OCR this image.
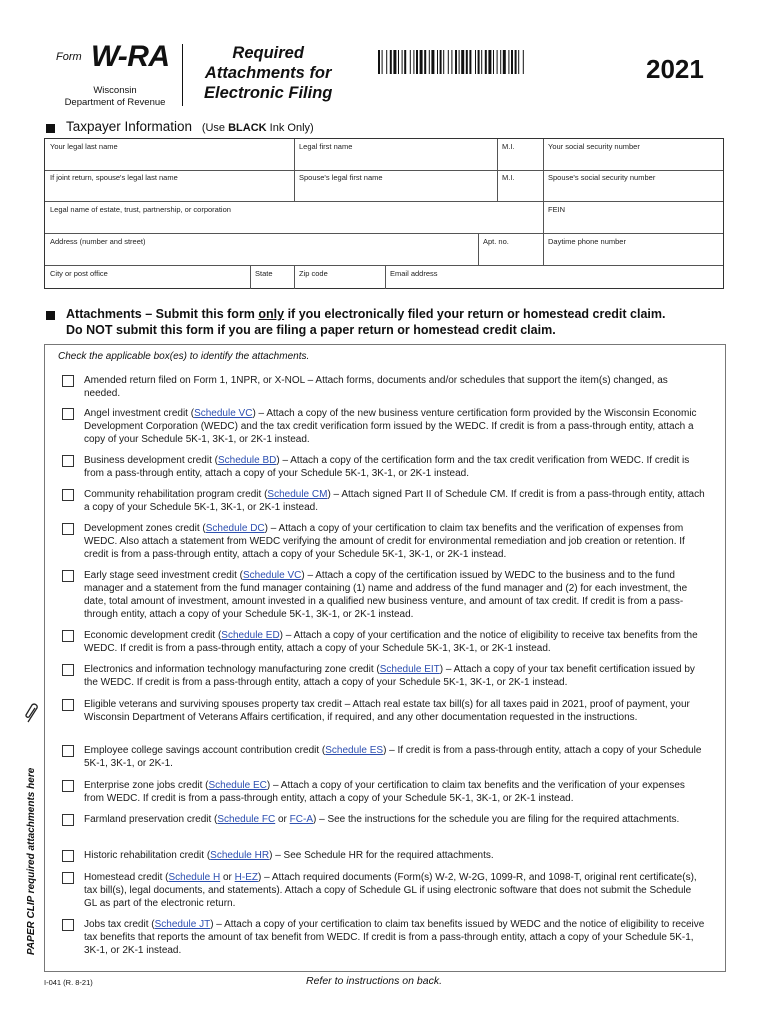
Form W-RA
Wisconsin
Department of Revenue
Required
Attachments for
Electronic Filing
2021
Taxpayer Information (Use BLACK Ink Only)
Your legal last name	Legal first name	M.I.	Your social security number
If joint return, spouse's legal last name	Spouse's legal first name	M.I.	Spouse's social security number
Legal name of estate, trust, partnership, or corporation	FEIN
Address (number and street)	Apt. no.	Daytime phone number
City or post office	State	Zip code	Email address
Attachments – Submit this form only if you electronically filed your return or homestead credit claim.
Do NOT submit this form if you are filing a paper return or homestead credit claim.
Check the applicable box(es) to identify the attachments.
Amended return filed on Form 1, 1NPR, or X-NOL – Attach forms, documents and/or schedules that support the item(s) changed, as needed.
Angel investment credit (Schedule VC) – Attach a copy of the new business venture certification form provided by the Wisconsin Economic Development Corporation (WEDC) and the tax credit verification form issued by the WEDC. If credit is from a pass-through entity, attach a copy of your Schedule 5K-1, 3K-1, or 2K-1 instead.
Business development credit (Schedule BD) – Attach a copy of the certification form and the tax credit verification from WEDC. If credit is from a pass-through entity, attach a copy of your Schedule 5K-1, 3K-1, or 2K-1 instead.
Community rehabilitation program credit (Schedule CM) – Attach signed Part II of Schedule CM. If credit is from a pass-through entity, attach a copy of your Schedule 5K-1, 3K-1, or 2K-1 instead.
Development zones credit (Schedule DC) – Attach a copy of your certification to claim tax benefits and the verification of expenses from WEDC. Also attach a statement from WEDC verifying the amount of credit for environmental remediation and job creation or retention. If credit is from a pass-through entity, attach a copy of your Schedule 5K-1, 3K-1, or 2K-1 instead.
Early stage seed investment credit (Schedule VC) – Attach a copy of the certification issued by WEDC to the business and to the fund manager and a statement from the fund manager containing (1) name and address of the fund manager and (2) for each investment, the date, total amount of investment, amount invested in a qualified new business venture, and amount of tax credit. If credit is from a pass-through entity, attach a copy of your Schedule 5K-1, 3K-1, or 2K-1 instead.
Economic development credit (Schedule ED) – Attach a copy of your certification and the notice of eligibility to receive tax benefits from the WEDC. If credit is from a pass-through entity, attach a copy of your Schedule 5K-1, 3K-1, or 2K-1 instead.
Electronics and information technology manufacturing zone credit (Schedule EIT) – Attach a copy of your tax benefit certification issued by the WEDC. If credit is from a pass-through entity, attach a copy of your Schedule 5K-1, 3K-1, or 2K-1 instead.
Eligible veterans and surviving spouses property tax credit – Attach real estate tax bill(s) for all taxes paid in 2021, proof of payment, your Wisconsin Department of Veterans Affairs certification, if required, and any other documentation requested in the instructions.
Employee college savings account contribution credit (Schedule ES) – If credit is from a pass-through entity, attach a copy of your Schedule 5K-1, 3K-1, or 2K-1.
Enterprise zone jobs credit (Schedule EC) – Attach a copy of your certification to claim tax benefits and the verification of your expenses from WEDC. If credit is from a pass-through entity, attach a copy of your Schedule 5K-1, 3K-1, or 2K-1 instead.
Farmland preservation credit (Schedule FC or FC-A) – See the instructions for the schedule you are filing for the required attachments.
Historic rehabilitation credit (Schedule HR) – See Schedule HR for the required attachments.
Homestead credit (Schedule H or H-EZ) – Attach required documents (Form(s) W-2, W-2G, 1099-R, and 1098-T, original rent certificate(s), tax bill(s), legal documents, and statements). Attach a copy of Schedule GL if using electronic software that does not submit the Schedule GL as part of the electronic return.
Jobs tax credit (Schedule JT) – Attach a copy of your certification to claim tax benefits issued by WEDC and the notice of eligibility to receive tax benefits that reports the amount of tax benefit from WEDC. If credit is from a pass-through entity, attach a copy of your Schedule 5K-1, 3K-1, or 2K-1 instead.
PAPER CLIP required attachments here
I-041 (R. 8-21)	Refer to instructions on back.
